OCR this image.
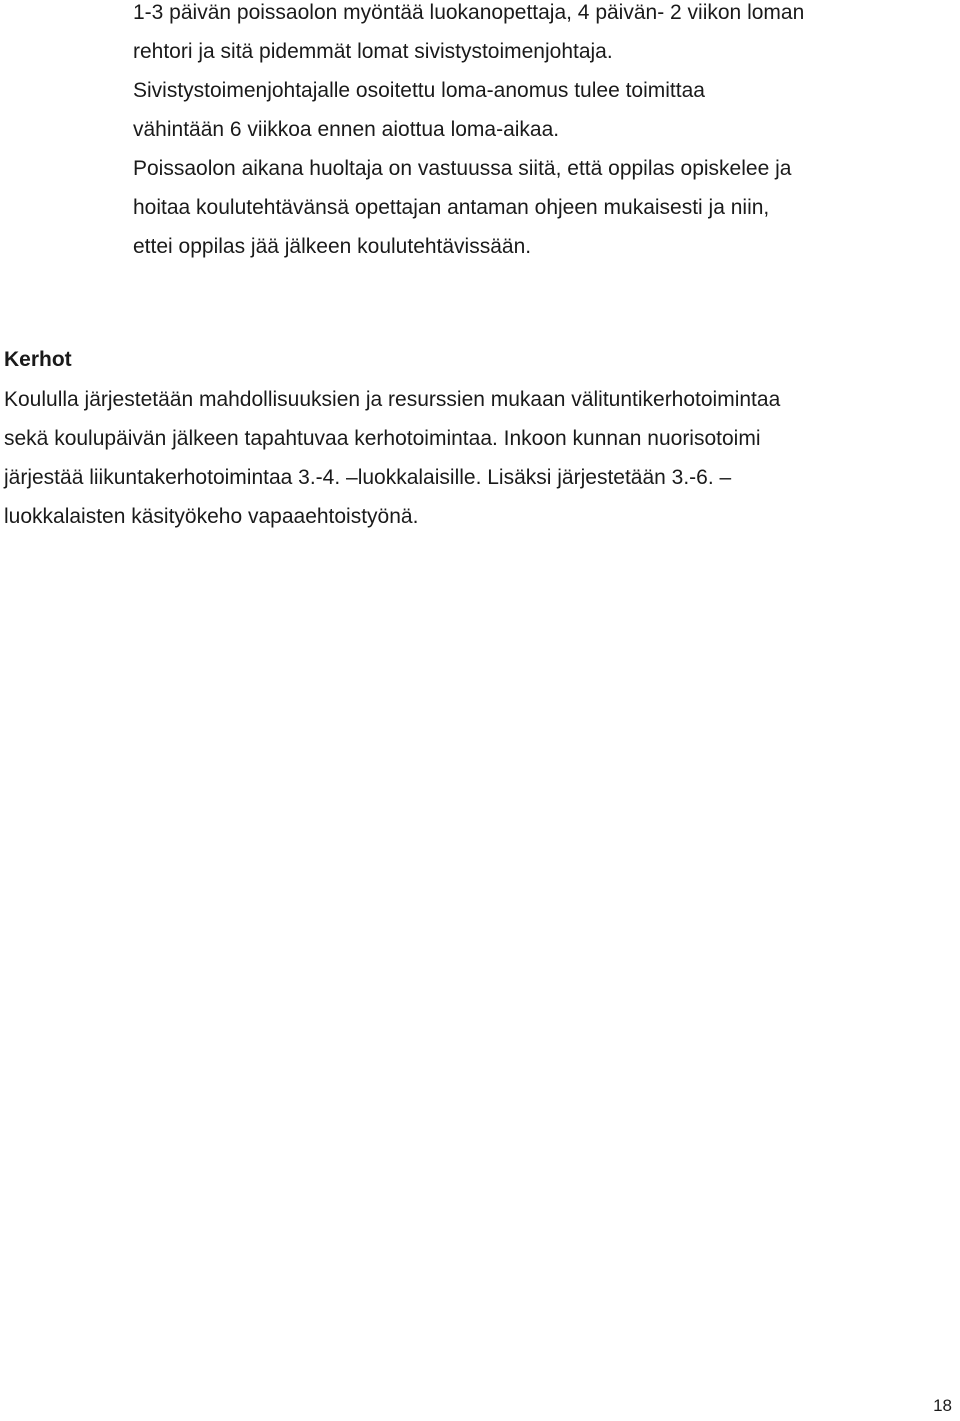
1-3 päivän poissaolon myöntää luokanopettaja, 4 päivän- 2 viikon loman
rehtori ja sitä pidemmät lomat sivistystoimenjohtaja.
Sivistystoimenjohtajalle osoitettu loma-anomus tulee toimittaa
vähintään 6 viikkoa ennen aiottua loma-aikaa.
Poissaolon aikana huoltaja on vastuussa siitä, että oppilas opiskelee ja
hoitaa koulutehtävänsä opettajan antaman ohjeen mukaisesti ja niin,
ettei oppilas jää jälkeen koulutehtävissään.
Kerhot
Koululla järjestetään mahdollisuuksien ja resurssien mukaan välituntikerhotoimintaa
sekä koulupäivän jälkeen tapahtuvaa kerhotoimintaa. Inkoon kunnan nuorisotoimi
järjestää liikuntakerhotoimintaa 3.-4. –luokkalaisille. Lisäksi järjestetään 3.-6. –
luokkalaisten käsityökeho vapaaehtoistyönä.
18
